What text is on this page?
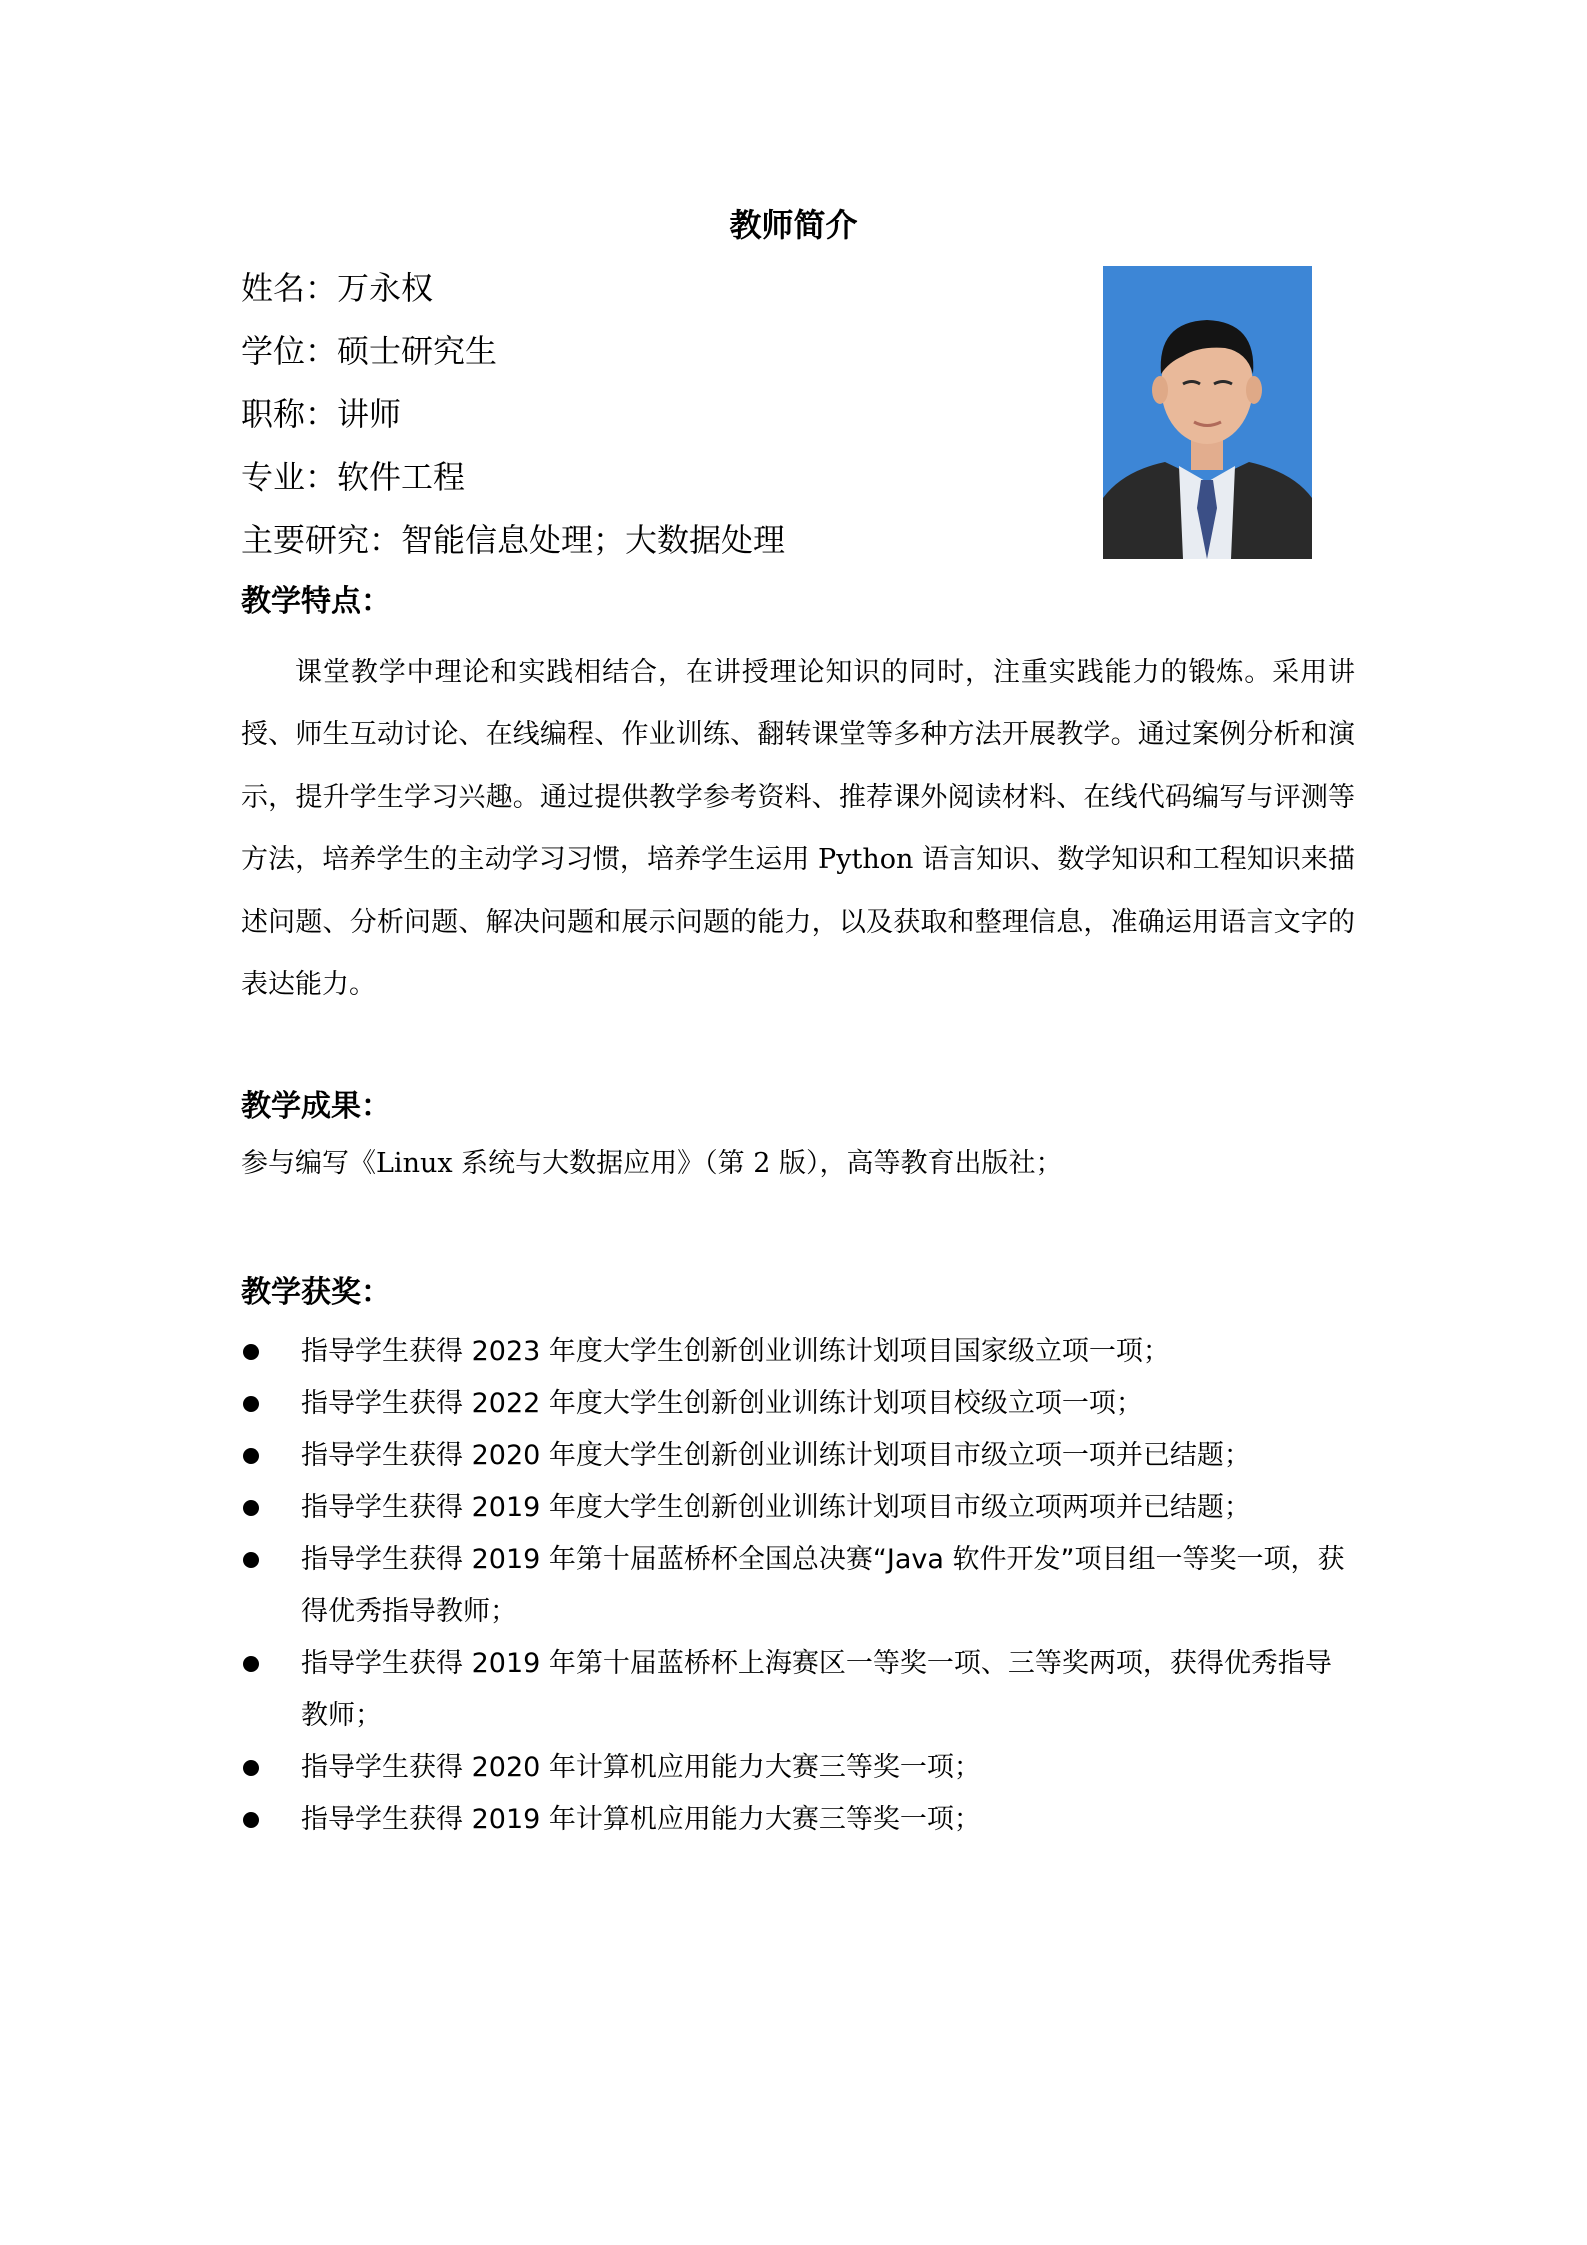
教师简介
姓名：万永权
学位：硕士研究生
职称：讲师
专业：软件工程
主要研究：智能信息处理；大数据处理
教学特点：

课堂教学中理论和实践相结合，在讲授理论知识的同时，注重实践能力的锻炼。采用讲授、师生互动讨论、在线编程、作业训练、翻转课堂等多种方法开展教学。通过案例分析和演示，提升学生学习兴趣。通过提供教学参考资料、推荐课外阅读材料、在线代码编写与评测等方法，培养学生的主动学习习惯，培养学生运用 Python 语言知识、数学知识和工程知识来描述问题、分析问题、解决问题和展示问题的能力，以及获取和整理信息，准确运用语言文字的表达能力。

教学成果：

参与编写《Linux 系统与大数据应用》（第 2 版），高等教育出版社；

教学获奖：
指导学生获得 2023 年度大学生创新创业训练计划项目国家级立项一项；
指导学生获得 2022 年度大学生创新创业训练计划项目校级立项一项；
指导学生获得 2020 年度大学生创新创业训练计划项目市级立项一项并已结题；
指导学生获得 2019 年度大学生创新创业训练计划项目市级立项两项并已结题；
指导学生获得 2019 年第十届蓝桥杯全国总决赛“Java 软件开发”项目组一等奖一项，获得优秀指导教师；
指导学生获得 2019 年第十届蓝桥杯上海赛区一等奖一项、三等奖两项，获得优秀指导教师；
指导学生获得 2020 年计算机应用能力大赛三等奖一项；
指导学生获得 2019 年计算机应用能力大赛三等奖一项；
